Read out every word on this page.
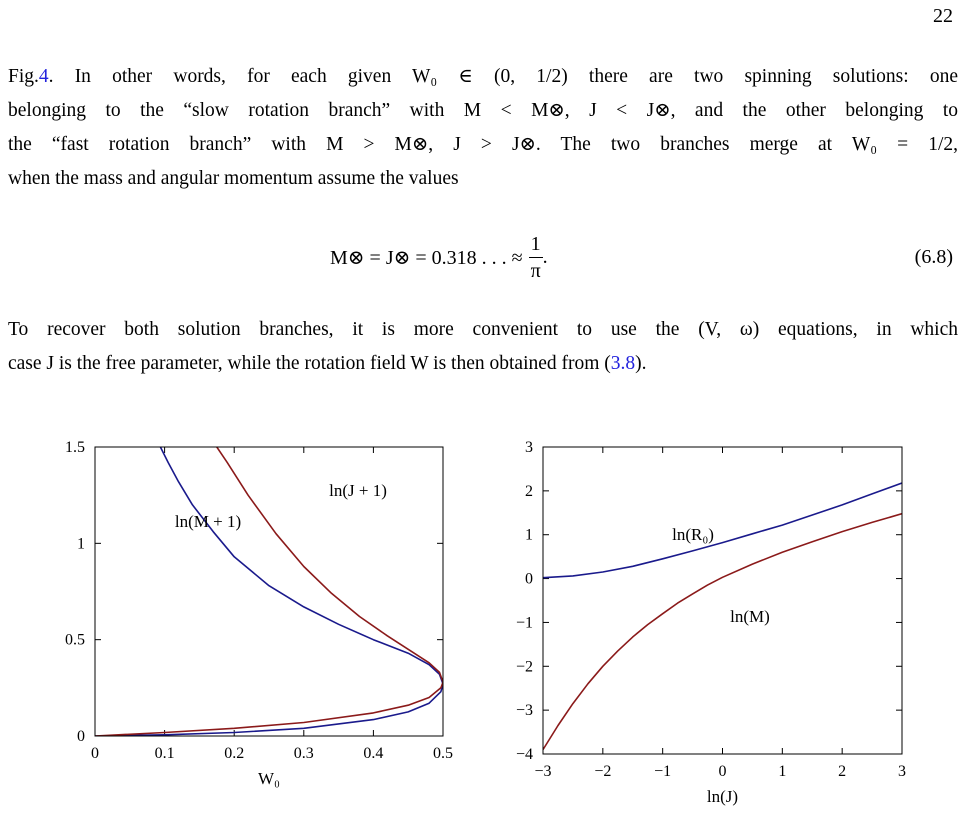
22
Fig.4. In other words, for each given W₀ ∈ (0, 1/2) there are two spinning solutions: one
belonging to the “slow rotation branch” with M < M⊗, J < J⊗, and the other belonging to
the “fast rotation branch” with M > M⊗, J > J⊗. The two branches merge at W₀ = 1/2,
when the mass and angular momentum assume the values
M⊗ = J⊗ = 0.318 . . . ≈ $\frac{1}{\pi}$ .	(6.8)
To recover both solution branches, it is more convenient to use the (V, ω) equations, in which
case J is the free parameter, while the rotation field W is then obtained from (3.8).
0	0.1	0.2	0.3	0.4	0.5
0
0.5
1
1.5
W₀
ln(M + 1)
ln(J + 1)
−3	−2	−1	0	1	2	3
−4
−3
−2
−1
0
1
2
3
ln(J)
ln(R₀)
ln(M)
